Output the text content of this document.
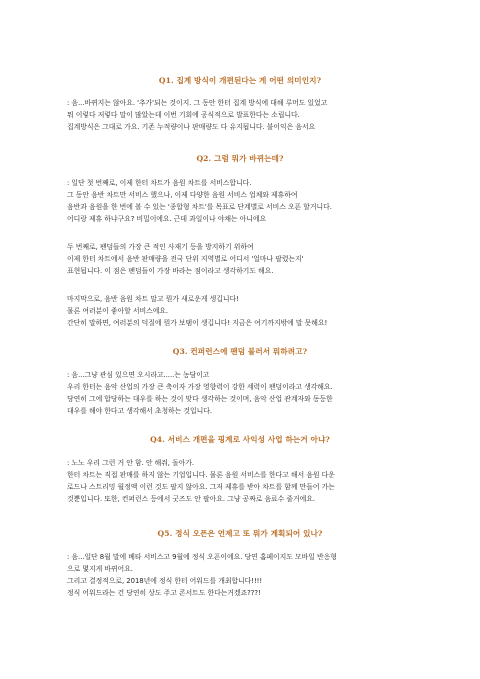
Q1. 집계 방식이 개편된다는 게 어떤 의미인지?
: 음...바뀌지는 않아요. '추가'되는 것이지. 그 동안 한터 집계 방식에 대해 루머도 있었고
뭐 이렇다 저렇다 말이 많았는데 이번 기회에 공식적으로 발표한다는 소립니다.
집계방식은 그대로 가요. 기존 누적량이나 판매량도 다 유지됩니다. 불이익은 음서요
Q2. 그럼 뭐가 바뀌는데?
: 일단 첫 번째로, 이제 한터 차트가 음원 차트를 서비스합니다.
그 동안 음반 차트만 서비스 했으나, 이제 다양한 음원 서비스 업체와 제휴하여
음반과 음원을 한 번에 볼 수 있는 '종합형 차트'를 목표로 단계별로 서비스 오픈 할거니다.
어디랑 제휴 하냐구요? 비밀이에요. 근데 과일이나 야채는 아니에요
두 번째로, 팬덤들의 가장 큰 적인 사재기 등을 방지하기 위하여
이제 한터 차트에서 음반 판매량을 전국 단위 지역별로 어디서 '얼마나 팔렸는지'
표현됩니다. 이 점은 팬덤들이 가장 바라는 점이라고 생각하기도 해요.
마지막으로, 음반 음원 차트 말고 뭔가 새로운게 생깁니다!
물론 여러분이 좋아할 서비스에요.
간단히 말하면, 여러분의 덕질에 뭔가 보탬이 생깁니다! 지금은 여기까지밖에 말 못해요!
Q3. 컨퍼런스에 팬덤 불러서 뭐하려고?
: 음...그냥 관심 있으면 오시라고.....는 농담이고
우리 한터는 음악 산업의 가장 큰 축이자 가장 영향력이 강한 세력이 팬덤이라고 생각해요.
당연히 그에 합당하는 대우를 하는 것이 맞다 생각하는 것이며, 음악 산업 관계자와 동등한
대우를 해야 한다고 생각해서 초청하는 것입니다.
Q4. 서비스 개편을 핑계로 사익성 사업 하는거 아냐?
: 노노 우리 그런 거 안 함. 안 해줘, 돌아가.
한터 차트는 직접 판매를 하지 않는 기업입니다. 물론 음원 서비스를 한다고 해서 음원 다운
로드나 스트리밍 월정액 이런 것도 팔지 않아요. 그저 제휴를 받아 차트를 함께 만들어 가는
것뿐입니다. 또한, 컨퍼런스 등에서 굿즈도 안 팔아요. 그냥 공짜로 음료수 줄거에요.
Q5. 정식 오픈은 언제고 또 뭐가 계획되어 있나?
: 음...일단 8월 말에 베타 서비스고 9월에 정식 오픈이에요. 당연 홈페이지도 모바일 반응형
으로 몇지게 바뀌어요.
그리고 결정적으로, 2018년에 정식 한터 어워드를 개최합니다!!!!
정식 어워드라는 건 당연히 상도 주고 콘서트도 한다는거겠죠???!
